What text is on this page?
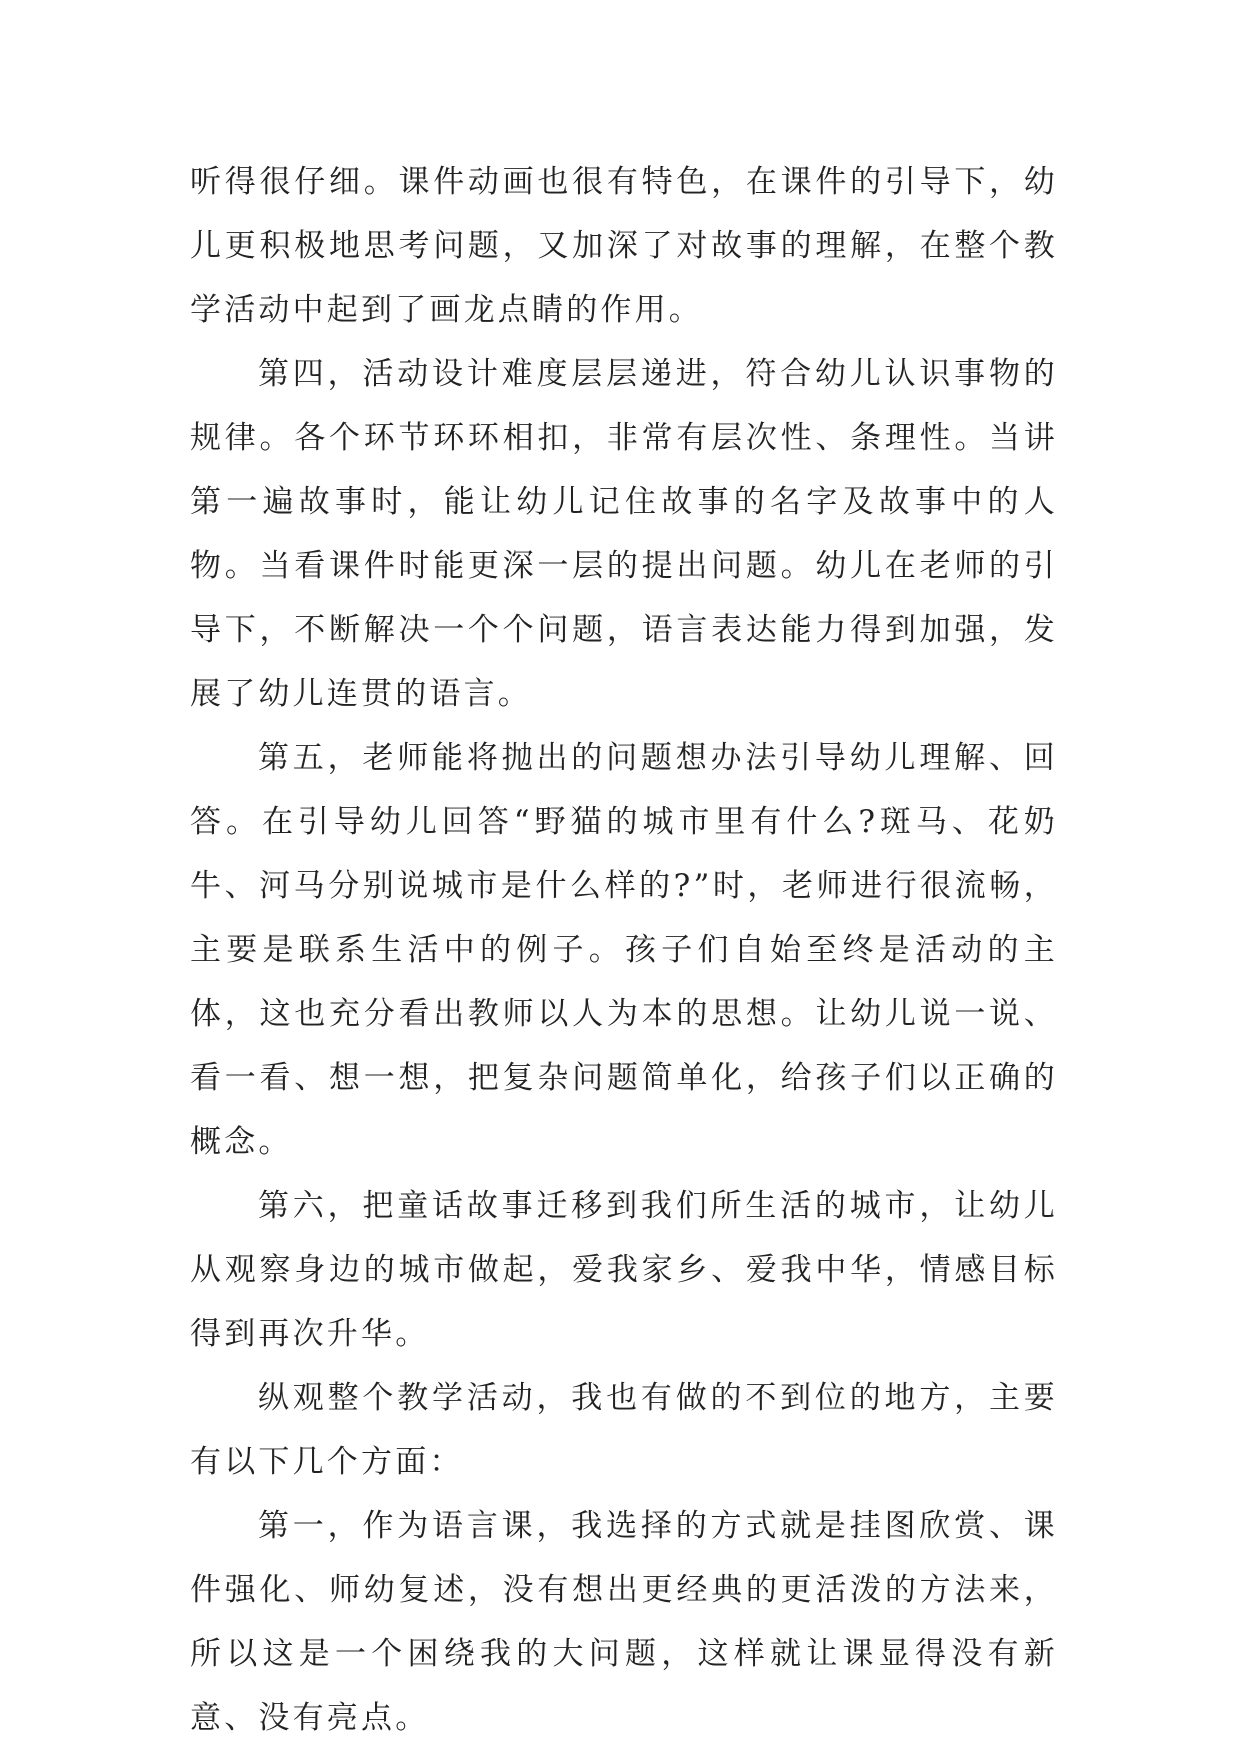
听得很仔细。课件动画也很有特色，在课件的引导下，幼儿更积极地思考问题，又加深了对故事的理解，在整个教学活动中起到了画龙点睛的作用。

第四，活动设计难度层层递进，符合幼儿认识事物的规律。各个环节环环相扣，非常有层次性、条理性。当讲第一遍故事时，能让幼儿记住故事的名字及故事中的人物。当看课件时能更深一层的提出问题。幼儿在老师的引导下，不断解决一个个问题，语言表达能力得到加强，发展了幼儿连贯的语言。

第五，老师能将抛出的问题想办法引导幼儿理解、回答。在引导幼儿回答“野猫的城市里有什么?斑马、花奶牛、河马分别说城市是什么样的?”时，老师进行很流畅，主要是联系生活中的例子。孩子们自始至终是活动的主体，这也充分看出教师以人为本的思想。让幼儿说一说、看一看、想一想，把复杂问题简单化，给孩子们以正确的概念。

第六，把童话故事迁移到我们所生活的城市，让幼儿从观察身边的城市做起，爱我家乡、爱我中华，情感目标得到再次升华。

纵观整个教学活动，我也有做的不到位的地方，主要有以下几个方面：

第一，作为语言课，我选择的方式就是挂图欣赏、课件强化、师幼复述，没有想出更经典的更活泼的方法来，所以这是一个困绕我的大问题，这样就让课显得没有新意、没有亮点。
